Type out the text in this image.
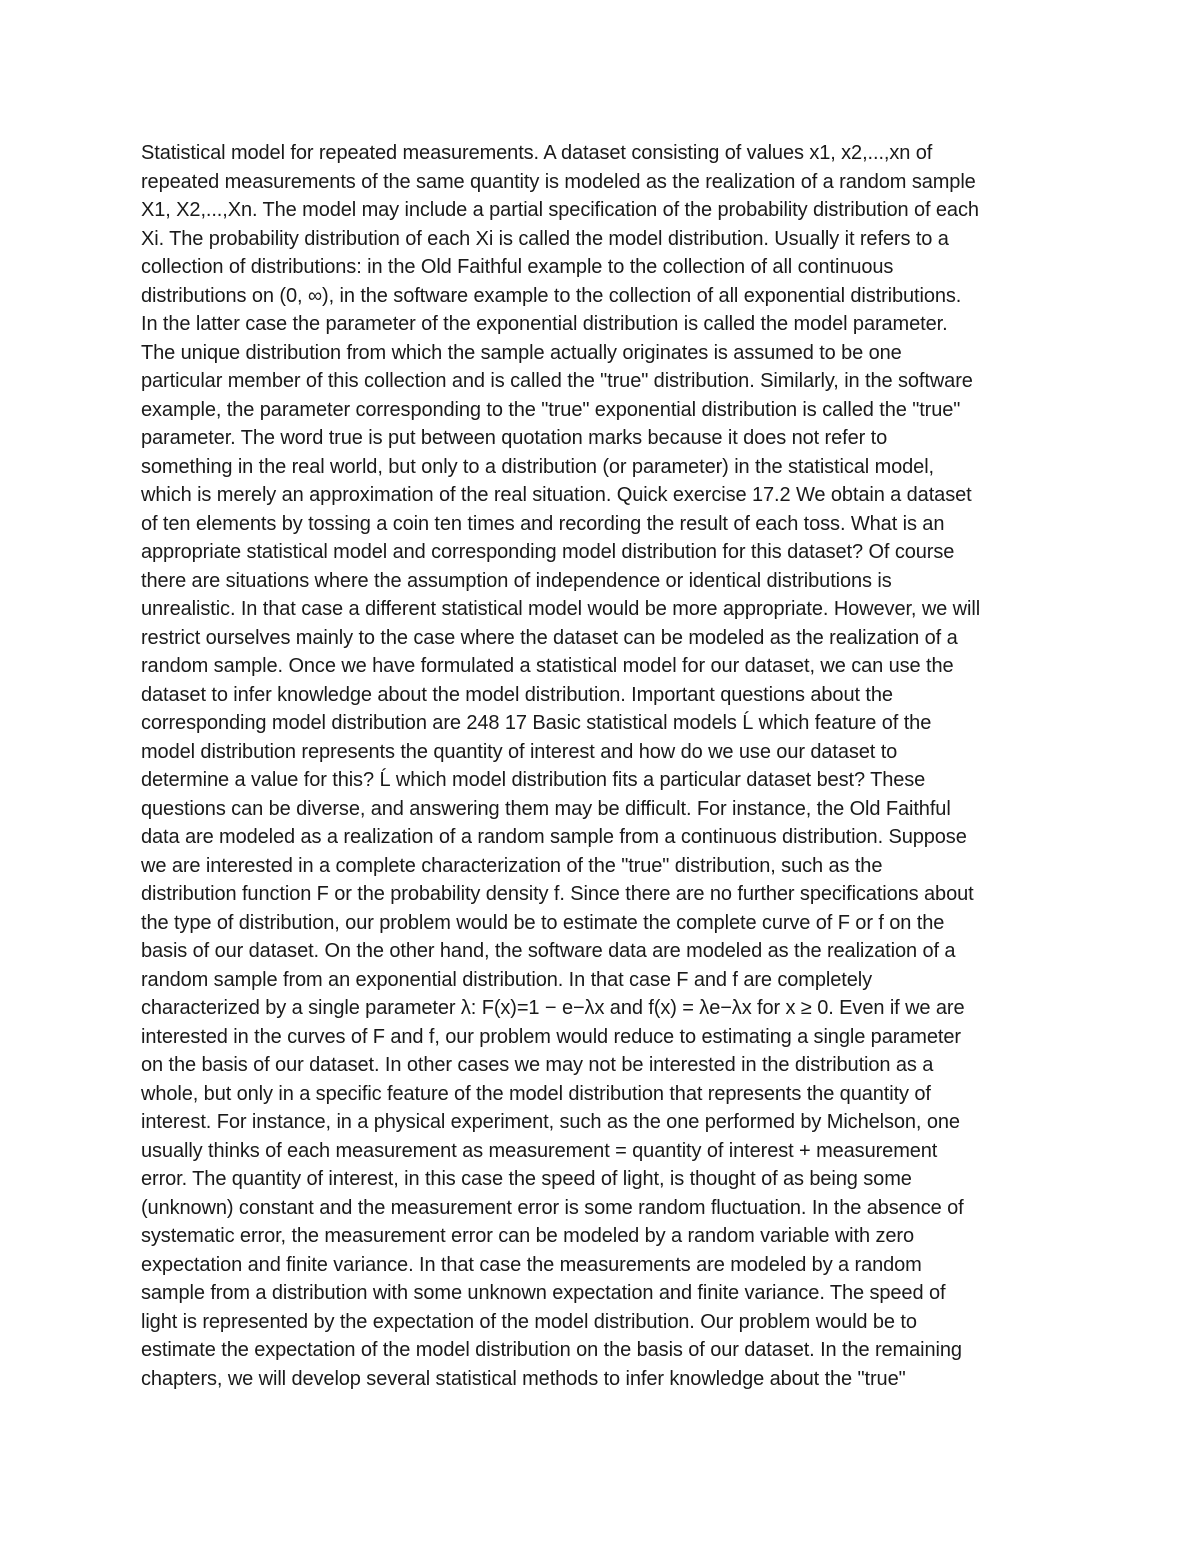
Statistical model for repeated measurements. A dataset consisting of values x1, x2,...,xn of
repeated measurements of the same quantity is modeled as the realization of a random sample
X1, X2,...,Xn. The model may include a partial specification of the probability distribution of each
Xi. The probability distribution of each Xi is called the model distribution. Usually it refers to a
collection of distributions: in the Old Faithful example to the collection of all continuous
distributions on (0, ∞), in the software example to the collection of all exponential distributions.
In the latter case the parameter of the exponential distribution is called the model parameter.
The unique distribution from which the sample actually originates is assumed to be one
particular member of this collection and is called the "true" distribution. Similarly, in the software
example, the parameter corresponding to the "true" exponential distribution is called the "true"
parameter. The word true is put between quotation marks because it does not refer to
something in the real world, but only to a distribution (or parameter) in the statistical model,
which is merely an approximation of the real situation. Quick exercise 17.2 We obtain a dataset
of ten elements by tossing a coin ten times and recording the result of each toss. What is an
appropriate statistical model and corresponding model distribution for this dataset? Of course
there are situations where the assumption of independence or identical distributions is
unrealistic. In that case a different statistical model would be more appropriate. However, we will
restrict ourselves mainly to the case where the dataset can be modeled as the realization of a
random sample. Once we have formulated a statistical model for our dataset, we can use the
dataset to infer knowledge about the model distribution. Important questions about the
corresponding model distribution are 248 17 Basic statistical models Ĺ which feature of the
model distribution represents the quantity of interest and how do we use our dataset to
determine a value for this? Ĺ which model distribution fits a particular dataset best? These
questions can be diverse, and answering them may be difficult. For instance, the Old Faithful
data are modeled as a realization of a random sample from a continuous distribution. Suppose
we are interested in a complete characterization of the "true" distribution, such as the
distribution function F or the probability density f. Since there are no further specifications about
the type of distribution, our problem would be to estimate the complete curve of F or f on the
basis of our dataset. On the other hand, the software data are modeled as the realization of a
random sample from an exponential distribution. In that case F and f are completely
characterized by a single parameter λ: F(x)=1 − e−λx and f(x) = λe−λx for x ≥ 0. Even if we are
interested in the curves of F and f, our problem would reduce to estimating a single parameter
on the basis of our dataset. In other cases we may not be interested in the distribution as a
whole, but only in a specific feature of the model distribution that represents the quantity of
interest. For instance, in a physical experiment, such as the one performed by Michelson, one
usually thinks of each measurement as measurement = quantity of interest + measurement
error. The quantity of interest, in this case the speed of light, is thought of as being some
(unknown) constant and the measurement error is some random fluctuation. In the absence of
systematic error, the measurement error can be modeled by a random variable with zero
expectation and finite variance. In that case the measurements are modeled by a random
sample from a distribution with some unknown expectation and finite variance. The speed of
light is represented by the expectation of the model distribution. Our problem would be to
estimate the expectation of the model distribution on the basis of our dataset. In the remaining
chapters, we will develop several statistical methods to infer knowledge about the "true"
